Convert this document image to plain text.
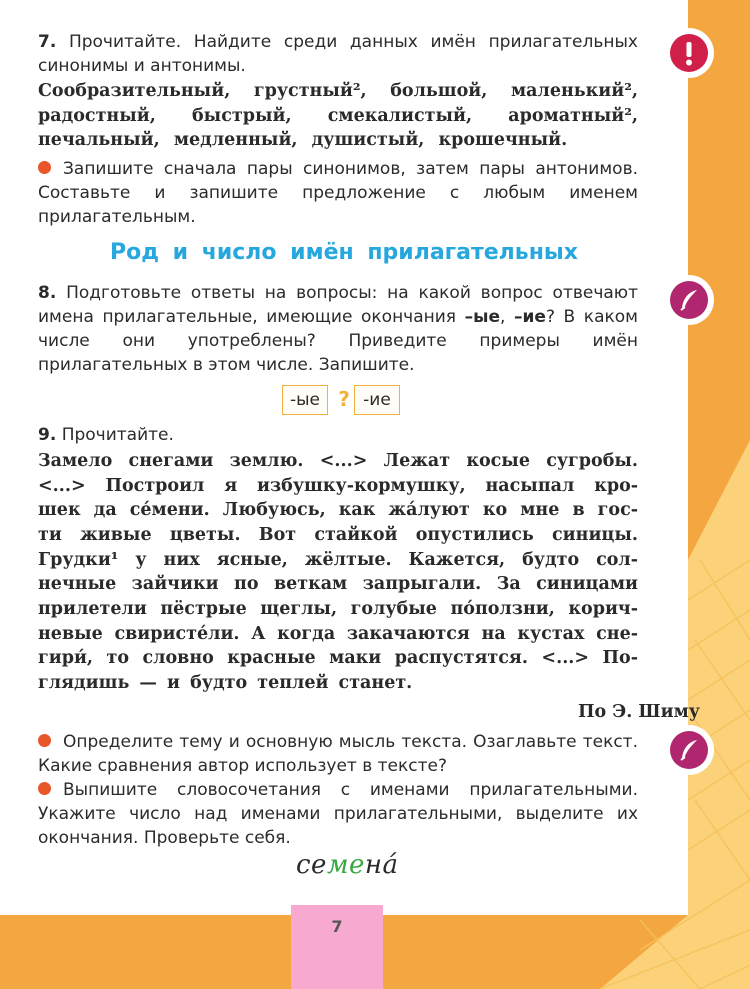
7. Прочитайте. Найдите среди данных имён прилагательных синонимы и антонимы.

Сообразительный, грустный², большой, маленький²,
радостный, быстрый, смекалистый, ароматный²,
печальный, медленный, душистый, крошечный.

Запишите сначала пары синонимов, затем пары антонимов. Составьте и запишите предложение с любым именем прилагательным.

Род и число имён прилагательных

8. Подготовьте ответы на вопросы: на какой вопрос отвечают имена прилагательные, имеющие окончания –ые, –ие? В каком числе они употреблены? Приведите примеры имён прилагательных в этом числе. Запишите.

-ые ? -ие

9. Прочитайте.

Замело снегами землю. <...> Лежат косые сугробы.
<...> Построил я избушку-кормушку, насыпал кро-
шек да се́мени. Любуюсь, как жа́луют ко мне в гос-
ти живые цветы. Вот стайкой опустились синицы.
Грудки¹ у них ясные, жёлтые. Кажется, будто сол-
нечные зайчики по веткам запрыгали. За синицами
прилетели пёстрые щеглы, голубые по́ползни, корич-
невые свиристе́ли. А когда закачаются на кустах сне-
гири́, то словно красные маки распустятся. <...> По-
глядишь — и будто теплей станет.
По Э. Шиму

Определите тему и основную мысль текста. Озаглавьте текст. Какие сравнения автор использует в тексте?

Выпишите словосочетания с именами прилагательными. Укажите число над именами прилагательными, выделите их окончания. Проверьте себя.

семена́
7
